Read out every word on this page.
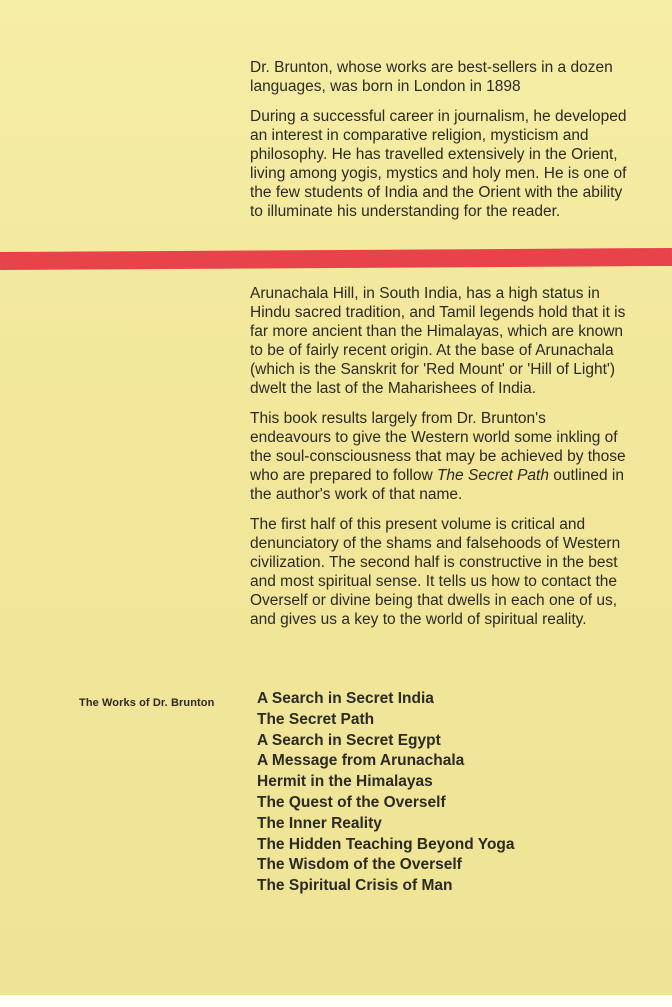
Dr. Brunton, whose works are best-sellers in a dozen languages, was born in London in 1898

During a successful career in journalism, he developed an interest in comparative religion, mysticism and philosophy. He has travelled extensively in the Orient, living among yogis, mystics and holy men. He is one of the few students of India and the Orient with the ability to illuminate his understanding for the reader.

Arunachala Hill, in South India, has a high status in Hindu sacred tradition, and Tamil legends hold that it is far more ancient than the Himalayas, which are known to be of fairly recent origin. At the base of Arunachala (which is the Sanskrit for 'Red Mount' or 'Hill of Light') dwelt the last of the Maharishees of India.

This book results largely from Dr. Brunton's endeavours to give the Western world some inkling of the soul-consciousness that may be achieved by those who are prepared to follow The Secret Path outlined in the author's work of that name.

The first half of this present volume is critical and denunciatory of the shams and falsehoods of Western civilization. The second half is constructive in the best and most spiritual sense. It tells us how to contact the Overself or divine being that dwells in each one of us, and gives us a key to the world of spiritual reality.

The Works of Dr. Brunton	A Search in Secret India
The Secret Path
A Search in Secret Egypt
A Message from Arunachala
Hermit in the Himalayas
The Quest of the Overself
The Inner Reality
The Hidden Teaching Beyond Yoga
The Wisdom of the Overself
The Spiritual Crisis of Man
